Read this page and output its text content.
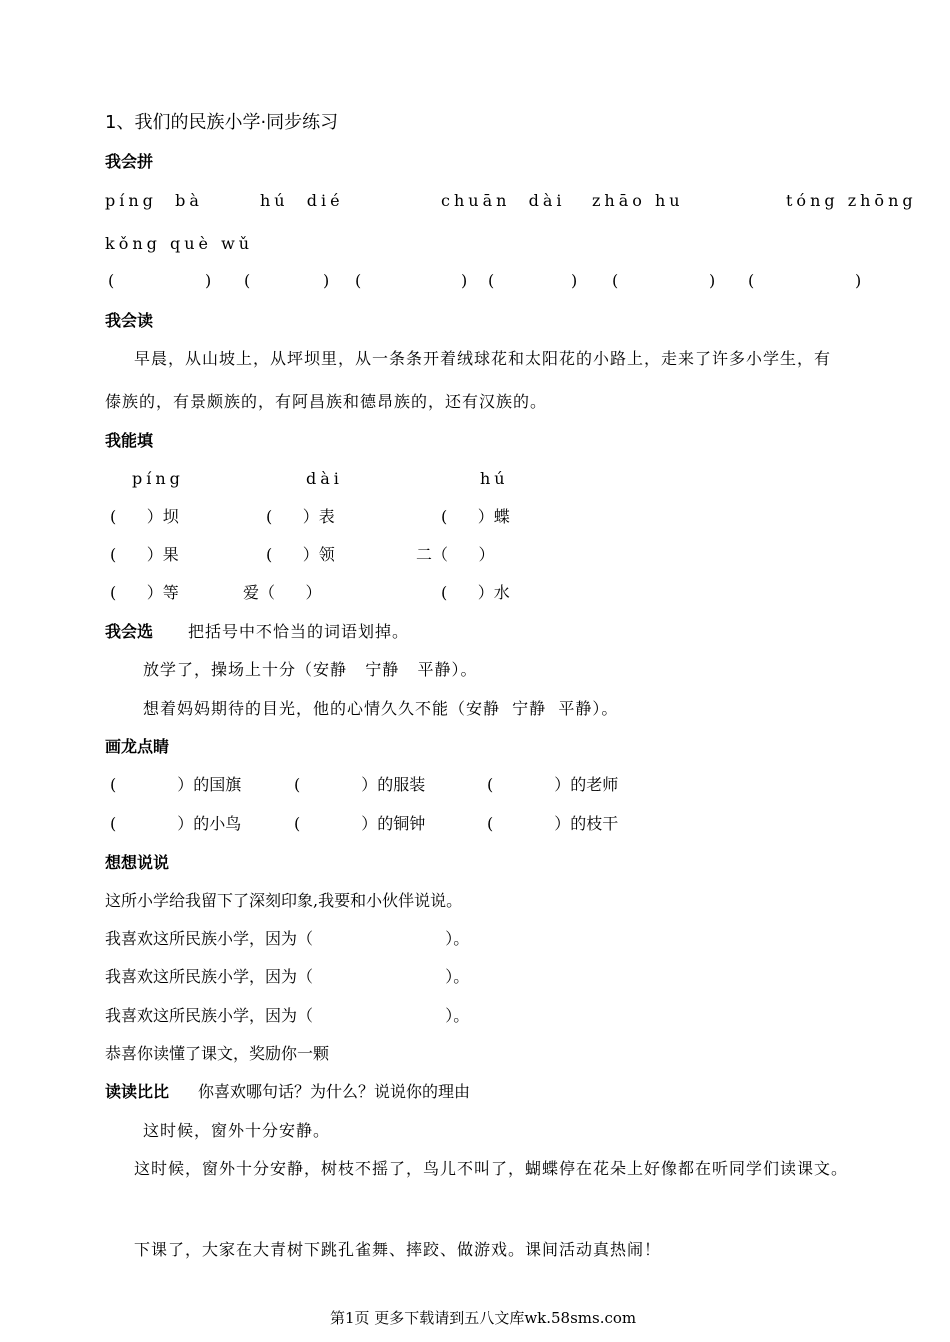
1、我们的民族小学·同步练习
我会拼
píng  bà	hú  dié	chuān  dài zhāo hu	tóng zhōng
kǒng què wǔ
(	) (	) (	) (	) (	) (	)
我会读
早晨，从山坡上，从坪坝里，从一条条开着绒球花和太阳花的小路上，走来了许多小学生，有
傣族的，有景颇族的，有阿昌族和德昂族的，还有汉族的。
我能填
píng	dài	hú
(      ）坝	(      ）表	(      ）蝶
(      ）果	(      ）领	二（      ）
(      ）等	爱（      ）	(      ）水
我会选 把括号中不恰当的词语划掉。
放学了，操场上十分（安静   宁静   平静）。
想着妈妈期待的目光，他的心情久久不能（安静  宁静  平静）。
画龙点睛
(            ）的国旗	(            ）的服装	(            ）的老师
(            ）的小鸟	(            ）的铜钟	(            ）的枝干
想想说说
这所小学给我留下了深刻印象,我要和小伙伴说说。
我喜欢这所民族小学，因为（                          ）。
我喜欢这所民族小学，因为（                          ）。
我喜欢这所民族小学，因为（                          ）。
恭喜你读懂了课文，奖励你一颗
读读比比 你喜欢哪句话？为什么？说说你的理由
这时候，窗外十分安静。
这时候，窗外十分安静，树枝不摇了，鸟儿不叫了，蝴蝶停在花朵上好像都在听同学们读课文。
下课了，大家在大青树下跳孔雀舞、摔跤、做游戏。课间活动真热闹！
第1页 更多下载请到五八文库wk.58sms.com
